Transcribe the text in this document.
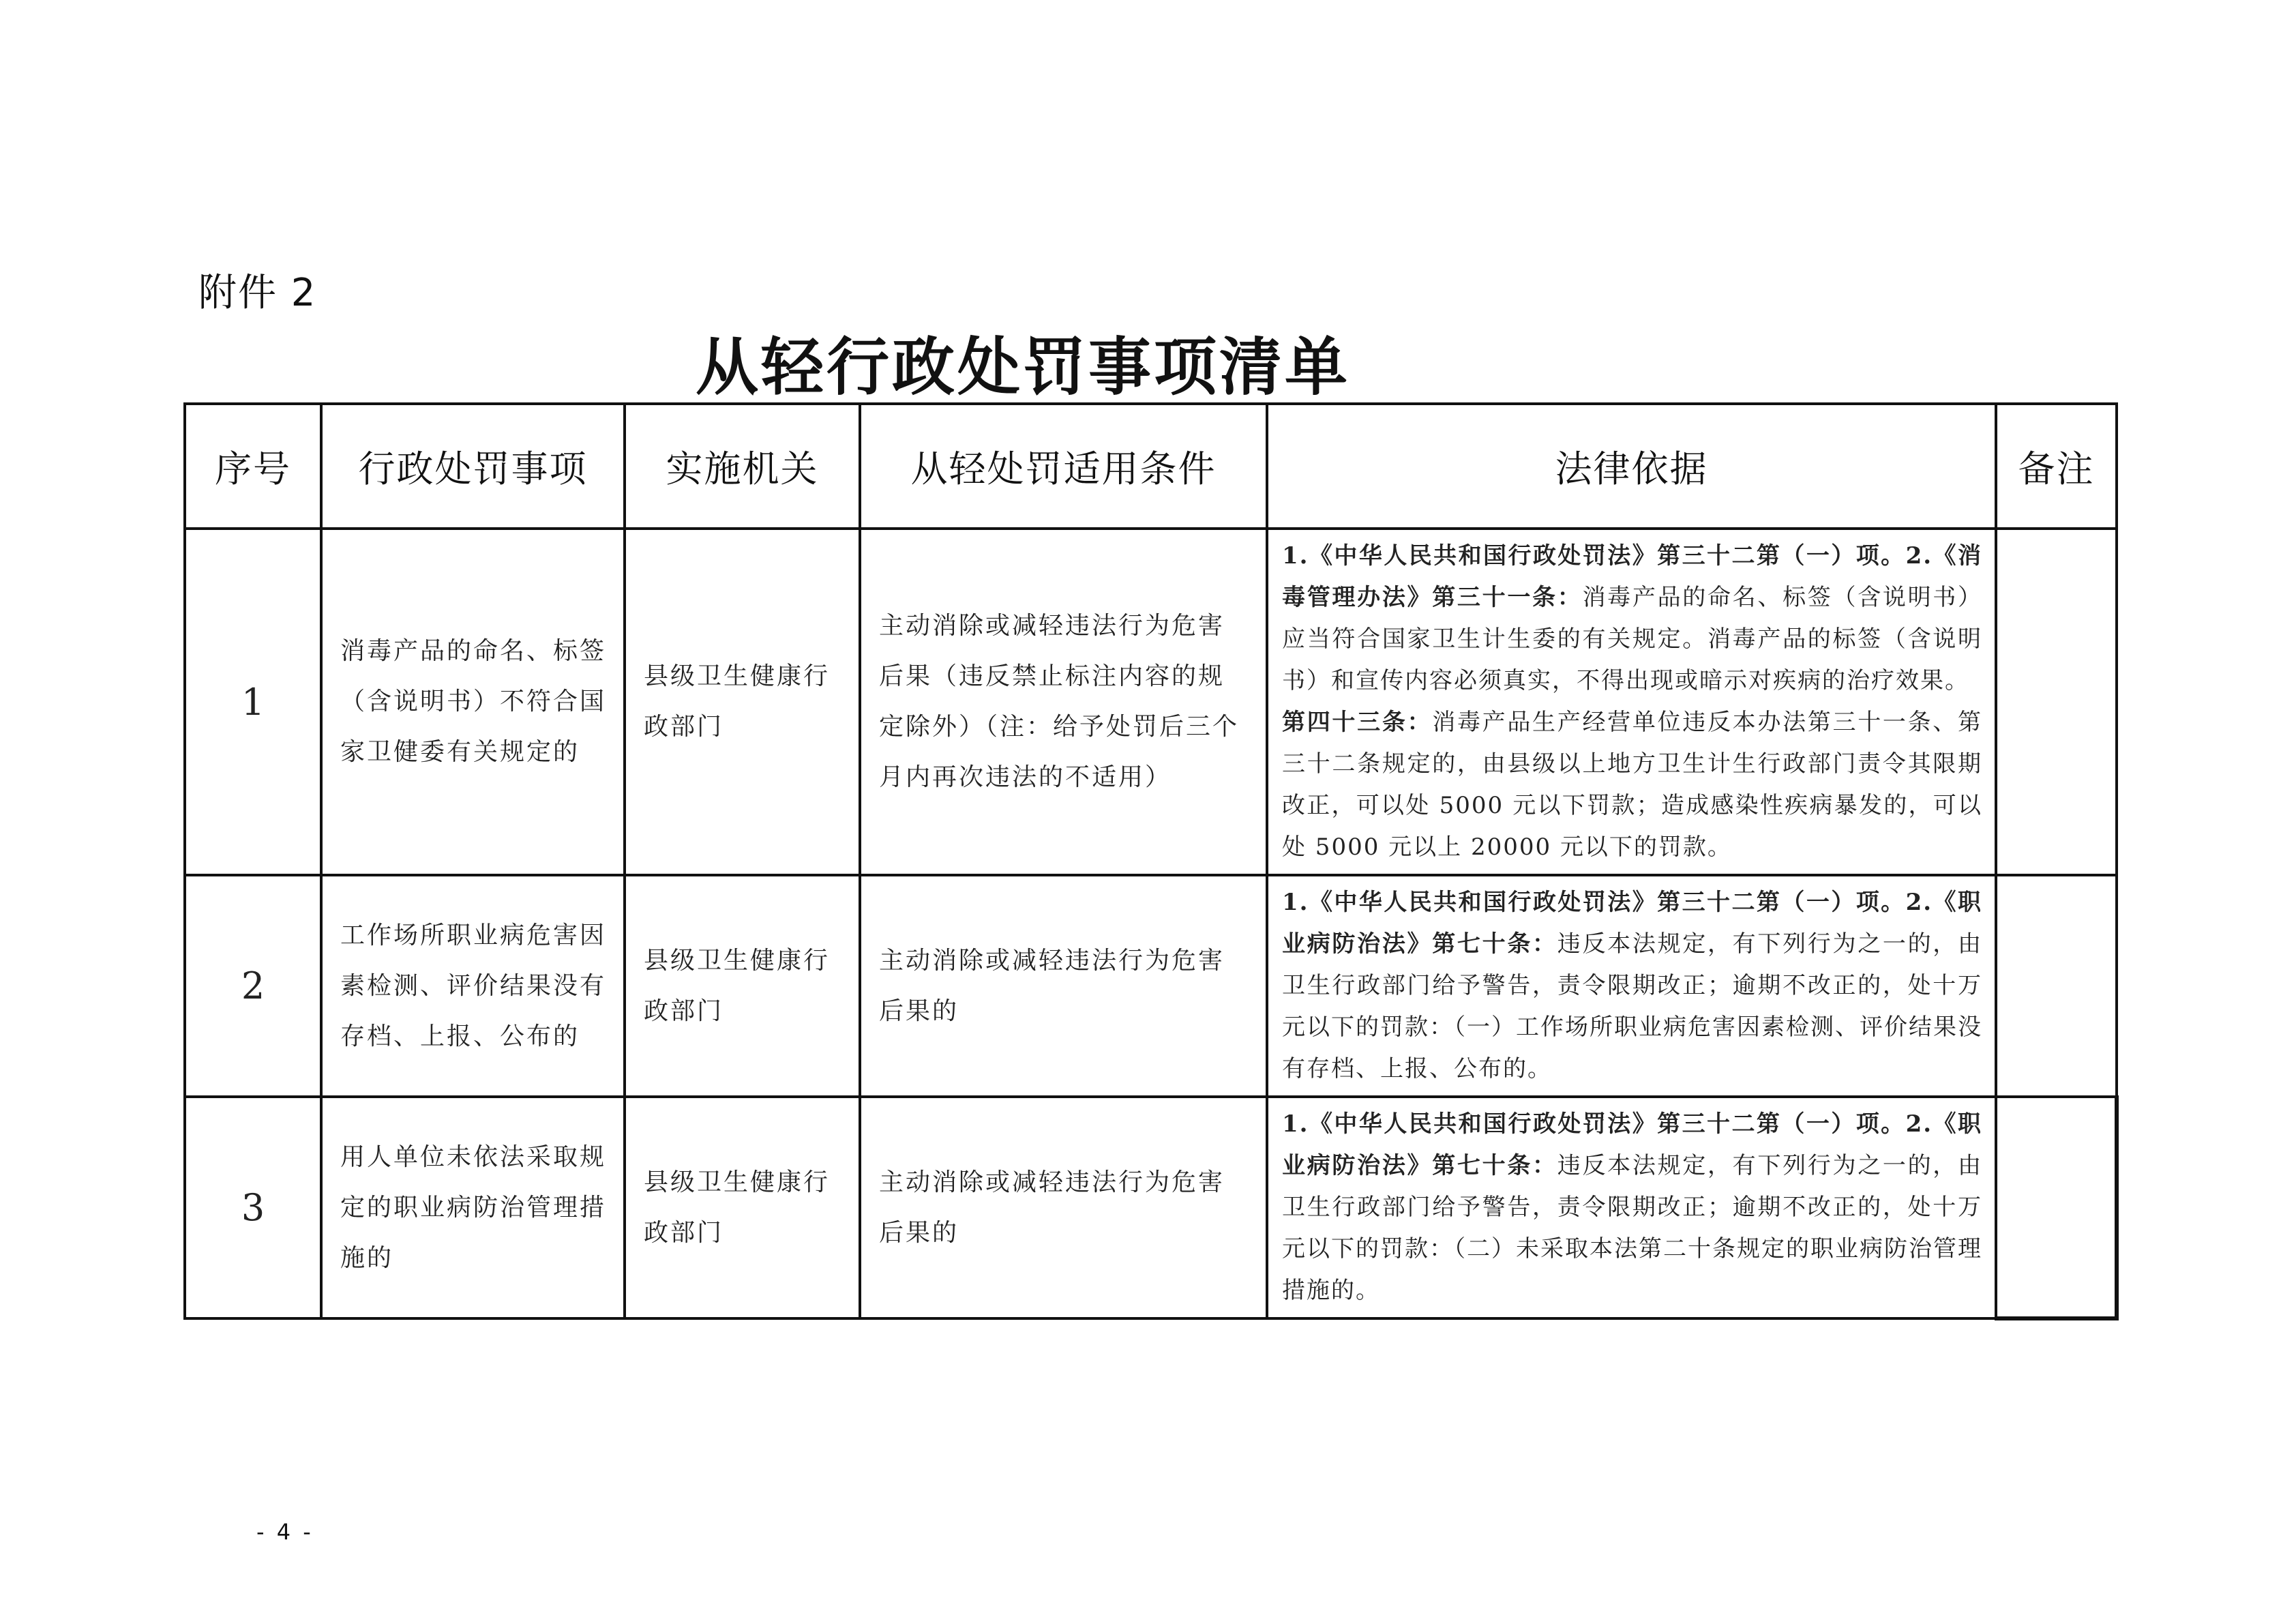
附件 2
从轻行政处罚事项清单
序号	行政处罚事项	实施机关	从轻处罚适用条件	法律依据	备注
1	消毒产品的命名、标签（含说明书）不符合国家卫健委有关规定的	县级卫生健康行政部门	主动消除或减轻违法行为危害后果（违反禁止标注内容的规定除外）（注：给予处罚后三个月内再次违法的不适用）	1.《中华人民共和国行政处罚法》第三十二第（一）项。2.《消毒管理办法》第三十一条：消毒产品的命名、标签（含说明书）应当符合国家卫生计生委的有关规定。消毒产品的标签（含说明书）和宣传内容必须真实，不得出现或暗示对疾病的治疗效果。
第四十三条：消毒产品生产经营单位违反本办法第三十一条、第三十二条规定的，由县级以上地方卫生计生行政部门责令其限期改正，可以处 5000 元以下罚款；造成感染性疾病暴发的，可以处 5000 元以上 20000 元以下的罚款。	
2	工作场所职业病危害因素检测、评价结果没有存档、上报、公布的	县级卫生健康行政部门	主动消除或减轻违法行为危害后果的	1.《中华人民共和国行政处罚法》第三十二第（一）项。2.《职业病防治法》第七十条：违反本法规定，有下列行为之一的，由卫生行政部门给予警告，责令限期改正；逾期不改正的，处十万元以下的罚款：（一）工作场所职业病危害因素检测、评价结果没有存档、上报、公布的。	
3	用人单位未依法采取规定的职业病防治管理措施的	县级卫生健康行政部门	主动消除或减轻违法行为危害后果的	1.《中华人民共和国行政处罚法》第三十二第（一）项。2.《职业病防治法》第七十条：违反本法规定，有下列行为之一的，由卫生行政部门给予警告，责令限期改正；逾期不改正的，处十万元以下的罚款：（二）未采取本法第二十条规定的职业病防治管理措施的。	
- 4 -
